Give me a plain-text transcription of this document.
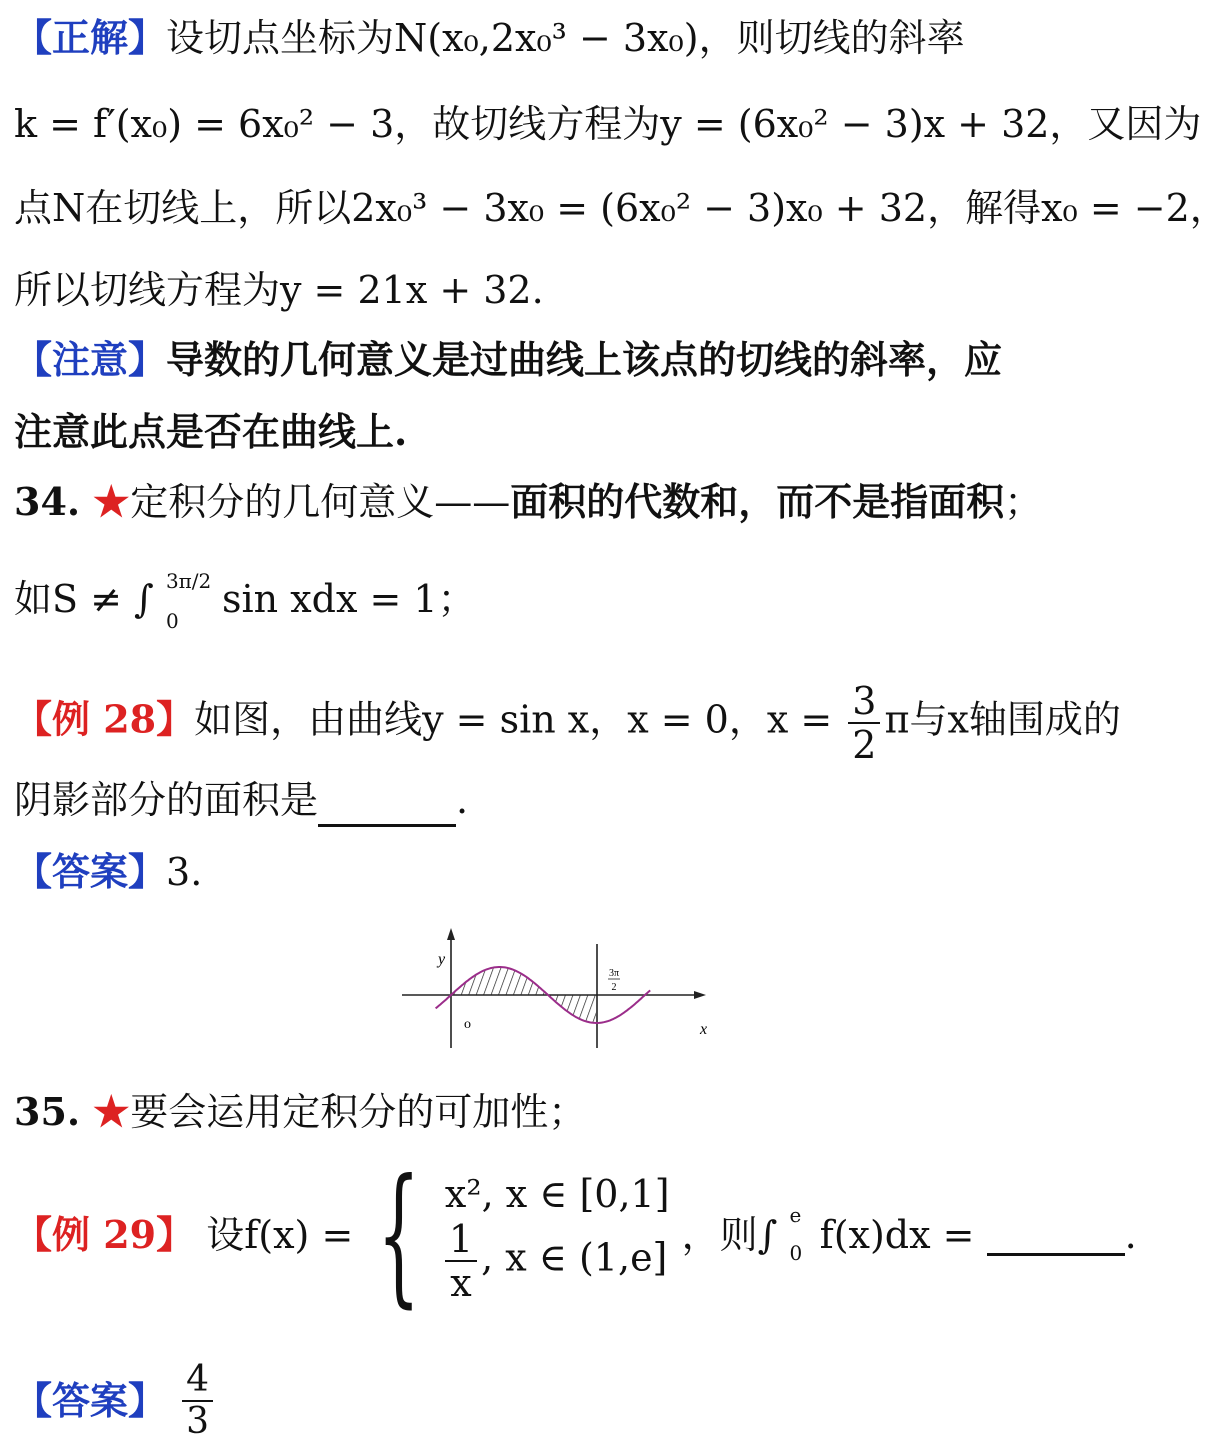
【正解】设切点坐标为N(x₀,2x₀³ − 3x₀)，则切线的斜率
k = f′(x₀) = 6x₀² − 3，故切线方程为y = (6x₀² − 3)x + 32，又因为
点N在切线上，所以2x₀³ − 3x₀ = (6x₀² − 3)x₀ + 32，解得x₀ = −2，
所以切线方程为y = 21x + 32.
【注意】导数的几何意义是过曲线上该点的切线的斜率，应
注意此点是否在曲线上.
34. ★定积分的几何意义——面积的代数和，而不是指面积；
如S ≠ ∫ 3π/2
0 sin xdx = 1；
【例 28】如图，由曲线y = sin x，x = 0，$x = \frac{3}{2}$ π与x轴围成的
阴影部分的面积是	.
【答案】3.
y
x
o
3π
2
35. ★要会运用定积分的可加性；
【例 29】 设f(x) = { x², x ∈ [0,1]
$\frac{1}{x}$ , x ∈ (1,e]
，则∫ e
0 f(x)dx =	.
【答案】 $\frac{4}{3}$
